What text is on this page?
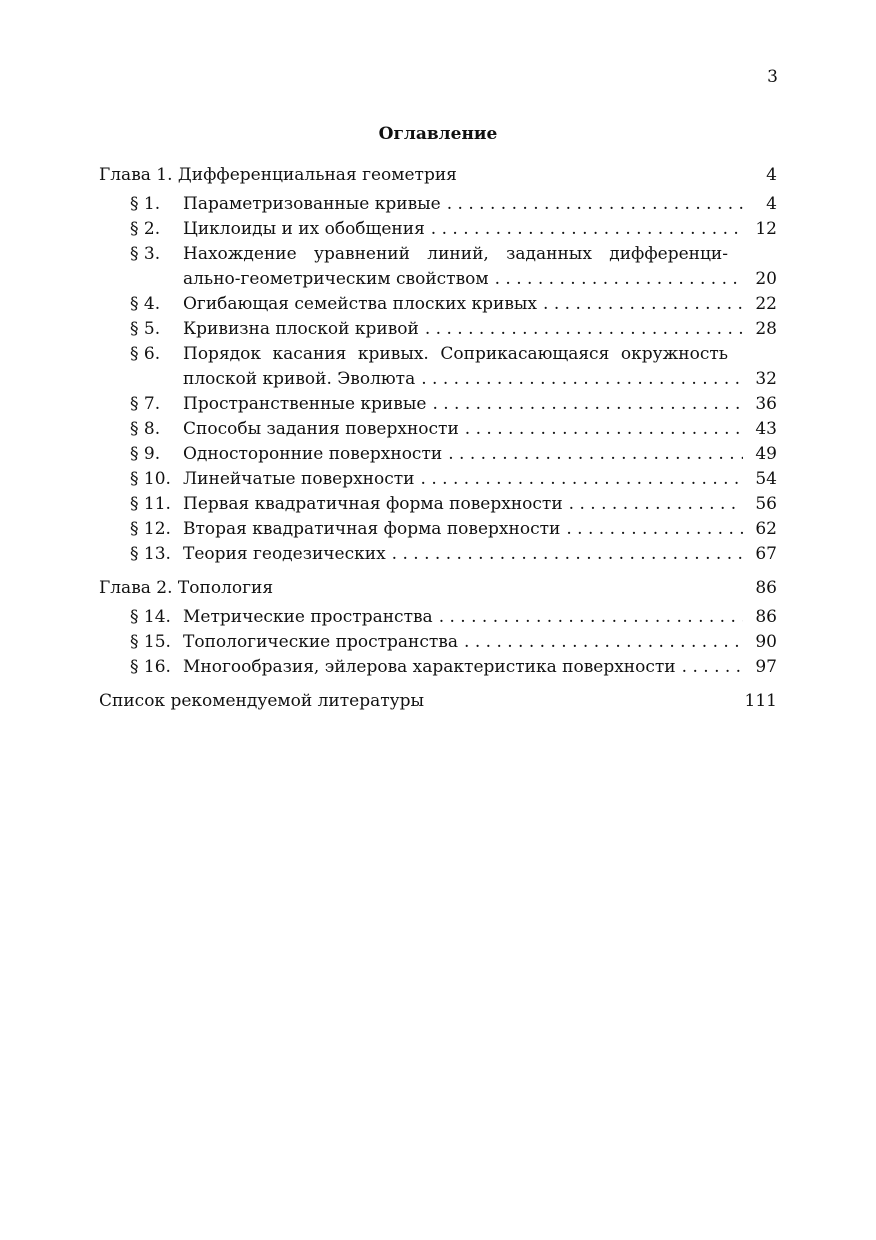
3
Оглавление
Глава 1. Дифференциальная геометрия	4
§ 1.	Параметризованные кривые . . .	4
§ 2.	Циклоиды и их обобщения . . .	12
§ 3.	Нахождение уравнений линий, заданных дифференци-
ально-геометрическим свойством . . .	20
§ 4.	Огибающая семейства плоских кривых . . .	22
§ 5.	Кривизна плоской кривой . . .	28
§ 6.	Порядок касания кривых. Соприкасающаяся окружность
плоской кривой. Эволюта . . .	32
§ 7.	Пространственные кривые . . .	36
§ 8.	Способы задания поверхности . . .	43
§ 9.	Односторонние поверхности . . .	49
§ 10. Линейчатые поверхности . . .	54
§ 11. Первая квадратичная форма поверхности . . .	56
§ 12. Вторая квадратичная форма поверхности . . .	62
§ 13. Теория геодезических . . .	67
Глава 2. Топология	86
§ 14. Метрические пространства . . .	86
§ 15. Топологические пространства . . .	90
§ 16. Многообразия, эйлерова характеристика поверхности . . .	97
Список рекомендуемой литературы	111
